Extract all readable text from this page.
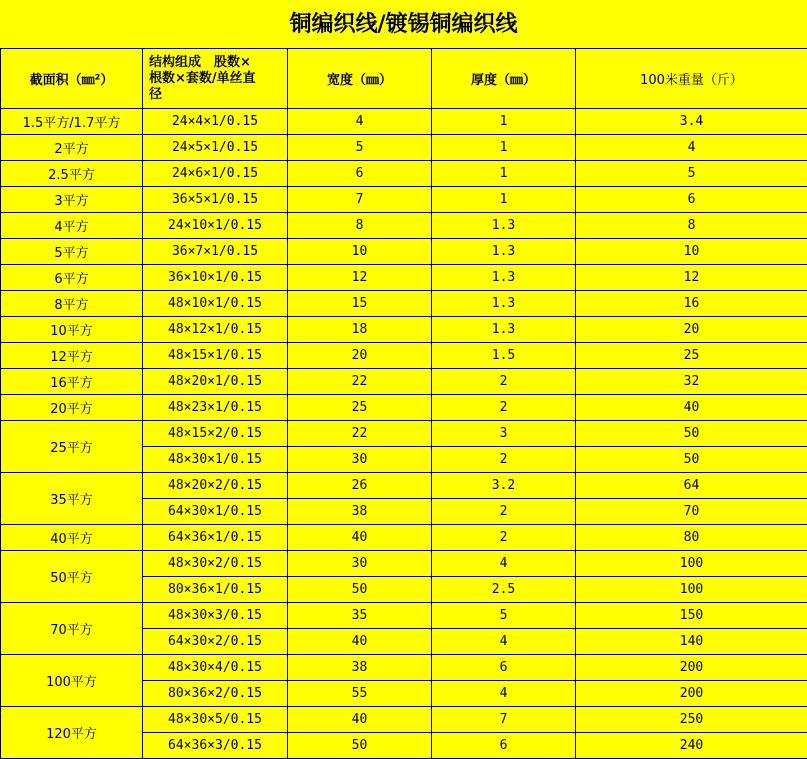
铜编织线/镀锡铜编织线
截面积（㎜²）	结构组成　股数×
根数×套数/单丝直
径	宽度（㎜）	厚度（㎜）	100米重量（斤）
1.5平方/1.7平方	24×4×1/0.15	4	1	3.4
2平方	24×5×1/0.15	5	1	4
2.5平方	24×6×1/0.15	6	1	5
3平方	36×5×1/0.15	7	1	6
4平方	24×10×1/0.15	8	1.3	8
5平方	36×7×1/0.15	10	1.3	10
6平方	36×10×1/0.15	12	1.3	12
8平方	48×10×1/0.15	15	1.3	16
10平方	48×12×1/0.15	18	1.3	20
12平方	48×15×1/0.15	20	1.5	25
16平方	48×20×1/0.15	22	2	32
20平方	48×23×1/0.15	25	2	40
25平方	48×15×2/0.15	22	3	50
	48×30×1/0.15	30	2	50
35平方	48×20×2/0.15	26	3.2	64
	64×30×1/0.15	38	2	70
40平方	64×36×1/0.15	40	2	80
50平方	48×30×2/0.15	30	4	100
	80×36×1/0.15	50	2.5	100
70平方	48×30×3/0.15	35	5	150
	64×30×2/0.15	40	4	140
100平方	48×30×4/0.15	38	6	200
	80×36×2/0.15	55	4	200
120平方	48×30×5/0.15	40	7	250
	64×36×3/0.15	50	6	240
